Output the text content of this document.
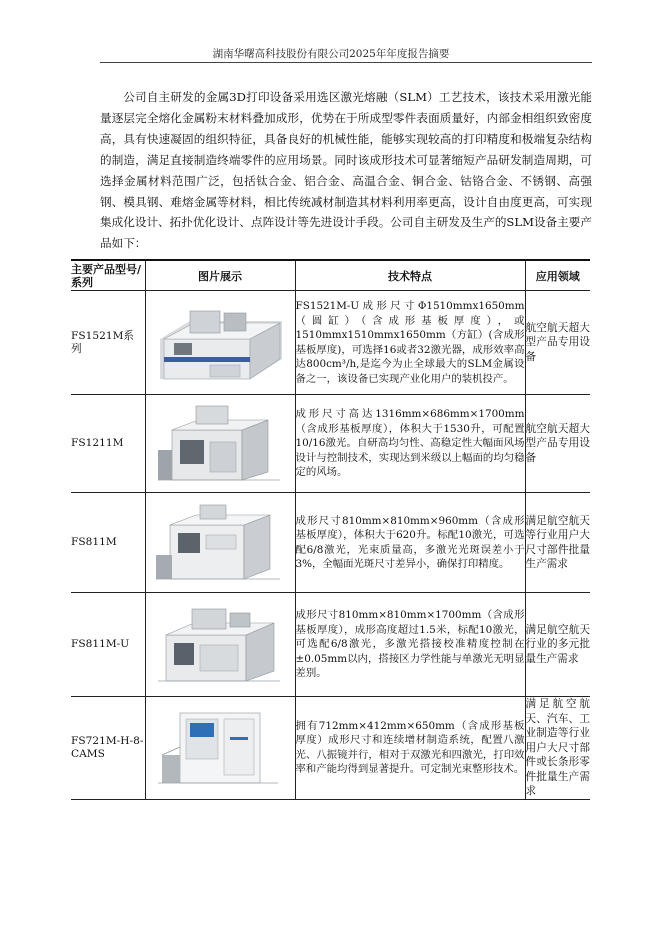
湖南华曙高科技股份有限公司2025年年度报告摘要

公司自主研发的金属3D打印设备采用选区激光熔融（SLM）工艺技术，该技术采用激光能量逐层完全熔化金属粉末材料叠加成形，优势在于所成型零件表面质量好，内部金相组织致密度高，具有快速凝固的组织特征，具备良好的机械性能，能够实现较高的打印精度和极端复杂结构的制造，满足直接制造终端零件的应用场景。同时该成形技术可显著缩短产品研发制造周期，可选择金属材料范围广泛，包括钛合金、铝合金、高温合金、铜合金、钴铬合金、不锈钢、高强钢、模具钢、难熔金属等材料，相比传统减材制造其材料利用率更高，设计自由度更高，可实现集成化设计、拓扑优化设计、点阵设计等先进设计手段。公司自主研发及生产的SLM设备主要产品如下：

主要产品型号/系列	图片展示	技术特点	应用领域
FS1521M系列		FS1521M-U成形尺寸Φ1510mmx1650mm（圆缸）（含成形基板厚度），或1510mmx1510mmx1650mm（方缸）(含成形基板厚度)，可选择16或者32激光器，成形效率高达800cm³/h,是迄今为止全球最大的SLM金属设备之一，该设备已实现产业化用户的装机投产。	航空航天超大型产品专用设备
FS1211M		成形尺寸高达1316mm×686mm×1700mm（含成形基板厚度），体积大于1530升，可配置10/16激光。自研高均匀性、高稳定性大幅面风场设计与控制技术，实现达到米级以上幅面的均匀稳定的风场。	航空航天超大型产品专用设备
FS811M		成形尺寸810mm×810mm×960mm（含成形基板厚度），体积大于620升。标配10激光，可选配6/8激光，光束质量高，多激光光斑误差小于3%，全幅面光斑尺寸差异小，确保打印精度。	满足航空航天等行业用户大尺寸部件批量生产需求
FS811M-U		成形尺寸810mm×810mm×1700mm（含成形基板厚度），成形高度超过1.5米，标配10激光，可选配6/8激光，多激光搭接校准精度控制在±0.05mm以内，搭接区力学性能与单激光无明显差别。	满足航空航天行业的多元批量生产需求
FS721M-H-8-CAMS		拥有712mm×412mm×650mm（含成形基板厚度）成形尺寸和连续增材制造系统，配置八激光、八振镜并行，相对于双激光和四激光，打印效率和产能均得到显著提升。可定制光束整形技术。	满足航空航天、汽车、工业制造等行业用户大尺寸部件或长条形零件批量生产需求
